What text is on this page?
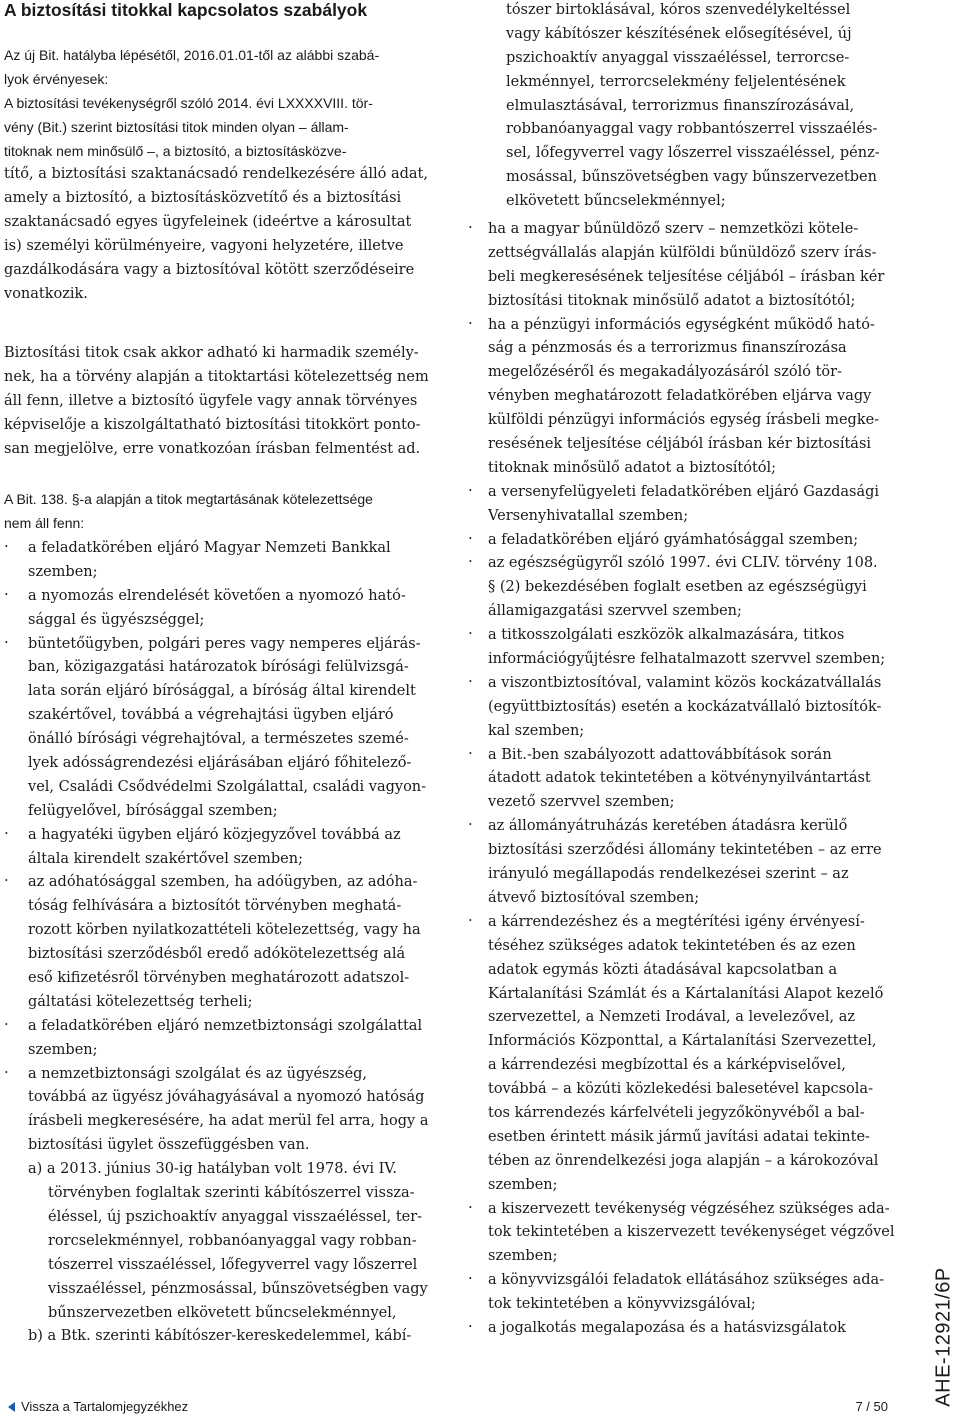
A biztosítási titokkal kapcsolatos szabályok
Az új Bit. hatályba lépésétől, 2016.01.01-től az alábbi szabá-
lyok érvényesek:
A biztosítási tevékenységről szóló 2014. évi LXXXXVIII. tör-
vény (Bit.) szerint biztosítási titok minden olyan – állam-
titoknak nem minősülő –, a biztosító, a biztosításközve-
títő, a biztosítási szaktanácsadó rendelkezésére álló adat,
amely a biztosító, a biztosításközvetítő és a biztosítási
szaktanácsadó egyes ügyfeleinek (ideértve a károsultat
is) személyi körülményeire, vagyoni helyzetére, illetve
gazdálkodására vagy a biztosítóval kötött szerződéseire
vonatkozik.
Biztosítási titok csak akkor adható ki harmadik személy-
nek, ha a törvény alapján a titoktartási kötelezettség nem
áll fenn, illetve a biztosító ügyfele vagy annak törvényes
képviselője a kiszolgáltatható biztosítási titokkört ponto-
san megjelölve, erre vonatkozóan írásban felmentést ad.
A Bit. 138. §-a alapján a titok megtartásának kötelezettsége
nem áll fenn:
·	a feladatkörében eljáró Magyar Nemzeti Bankkal
szemben;
·	a nyomozás elrendelését követően a nyomozó ható-
sággal és ügyészséggel;
·	büntetőügyben, polgári peres vagy nemperes eljárás-
ban, közigazgatási határozatok bírósági felülvizsgá-
lata során eljáró bírósággal, a bíróság által kirendelt
szakértővel, továbbá a végrehajtási ügyben eljáró
önálló bírósági végrehajtóval, a természetes szemé-
lyek adósságrendezési eljárásában eljáró főhitelező-
vel, Családi Csődvédelmi Szolgálattal, családi vagyon-
felügyelővel, bírósággal szemben;
·	a hagyatéki ügyben eljáró közjegyzővel továbbá az
általa kirendelt szakértővel szemben;
·	az adóhatósággal szemben, ha adóügyben, az adóha-
tóság felhívására a biztosítót törvényben meghatá-
rozott körben nyilatkozattételi kötelezettség, vagy ha
biztosítási szerződésből eredő adókötelezettség alá
eső kifizetésről törvényben meghatározott adatszol-
gáltatási kötelezettség terheli;
·	a feladatkörében eljáró nemzetbiztonsági szolgálattal
szemben;
·	a nemzetbiztonsági szolgálat és az ügyészség,
továbbá az ügyész jóváhagyásával a nyomozó hatóság
írásbeli megkeresésére, ha adat merül fel arra, hogy a
biztosítási ügylet összefüggésben van.
a) a 2013. június 30-ig hatályban volt 1978. évi IV.
törvényben foglaltak szerinti kábítószerrel vissza-
éléssel, új pszichoaktív anyaggal visszaéléssel, ter-
rorcselekménnyel, robbanóanyaggal vagy robban-
tószerrel visszaéléssel, lőfegyverrel vagy lőszerrel
visszaéléssel, pénzmosással, bűnszövetségben vagy
bűnszervezetben elkövetett bűncselekménnyel,
b) a Btk. szerinti kábítószer-kereskedelemmel, kábí-
tószer birtoklásával, kóros szenvedélykeltéssel
vagy kábítószer készítésének elősegítésével, új
pszichoaktív anyaggal visszaéléssel, terrorcse-
lekménnyel, terrorcselekmény feljelentésének
elmulasztásával, terrorizmus finanszírozásával,
robbanóanyaggal vagy robbantószerrel visszaélés-
sel, lőfegyverrel vagy lőszerrel visszaéléssel, pénz-
mosással, bűnszövetségben vagy bűnszervezetben
elkövetett bűncselekménnyel;
·	ha a magyar bűnüldöző szerv – nemzetközi kötele-
zettségvállalás alapján külföldi bűnüldöző szerv írás-
beli megkeresésének teljesítése céljából – írásban kér
biztosítási titoknak minősülő adatot a biztosítótól;
·	ha a pénzügyi információs egységként működő ható-
ság a pénzmosás és a terrorizmus finanszírozása
megelőzéséről és megakadályozásáról szóló tör-
vényben meghatározott feladatkörében eljárva vagy
külföldi pénzügyi információs egység írásbeli megke-
resésének teljesítése céljából írásban kér biztosítási
titoknak minősülő adatot a biztosítótól;
·	a versenyfelügyeleti feladatkörében eljáró Gazdasági
Versenyhivatallal szemben;
·	a feladatkörében eljáró gyámhatósággal szemben;
·	az egészségügyről szóló 1997. évi CLIV. törvény 108.
§ (2) bekezdésében foglalt esetben az egészségügyi
államigazgatási szervvel szemben;
·	a titkosszolgálati eszközök alkalmazására, titkos
információgyűjtésre felhatalmazott szervvel szemben;
·	a viszontbiztosítóval, valamint közös kockázatvállalás
(együttbiztosítás) esetén a kockázatvállaló biztosítók-
kal szemben;
·	a Bit.-ben szabályozott adattovábbítások során
átadott adatok tekintetében a kötvénynyilvántartást
vezető szervvel szemben;
·	az állományátruházás keretében átadásra kerülő
biztosítási szerződési állomány tekintetében – az erre
irányuló megállapodás rendelkezései szerint – az
átvevő biztosítóval szemben;
·	a kárrendezéshez és a megtérítési igény érvényesí-
téséhez szükséges adatok tekintetében és az ezen
adatok egymás közti átadásával kapcsolatban a
Kártalanítási Számlát és a Kártalanítási Alapot kezelő
szervezettel, a Nemzeti Irodával, a levelezővel, az
Információs Központtal, a Kártalanítási Szervezettel,
a kárrendezési megbízottal és a kárképviselővel,
továbbá – a közúti közlekedési balesetével kapcsola-
tos kárrendezés kárfelvételi jegyzőkönyvéből a bal-
esetben érintett másik jármű javítási adatai tekinte-
tében az önrendelkezési joga alapján – a károkozóval
szemben;
·	a kiszervezett tevékenység végzéséhez szükséges ada-
tok tekintetében a kiszervezett tevékenységet végzővel
szemben;
·	a könyvvizsgálói feladatok ellátásához szükséges ada-
tok tekintetében a könyvvizsgálóval;
·	a jogalkotás megalapozása és a hatásvizsgálatok	AHE-12921/6P
Vissza a Tartalomjegyzékhez	7 / 50
